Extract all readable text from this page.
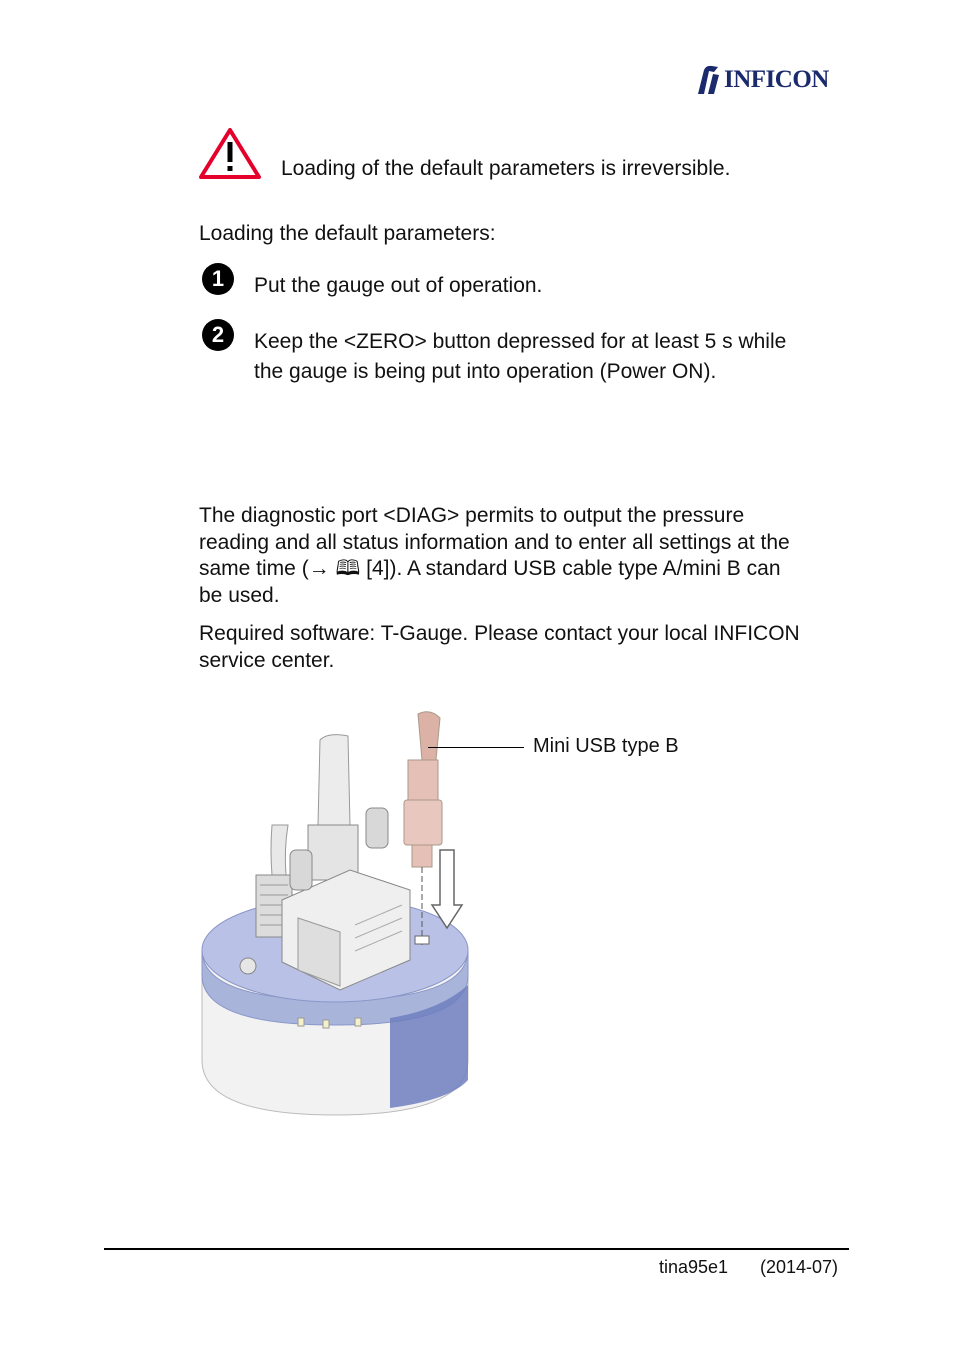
INFICON
Loading of the default parameters is irreversible.
Loading the default parameters:
1	Put the gauge out of operation.
2	Keep the <ZERO> button depressed for at least 5 s while
the gauge is being put into operation (Power ON).
The diagnostic port <DIAG> permits to output the pressure
reading and all status information and to enter all settings at the
same time (→ 🕮 [4]). A standard USB cable type A/mini B can
be used.
Required software: T-Gauge. Please contact your local INFICON
service center.
Mini USB type B
tina95e1 (2014-07)
